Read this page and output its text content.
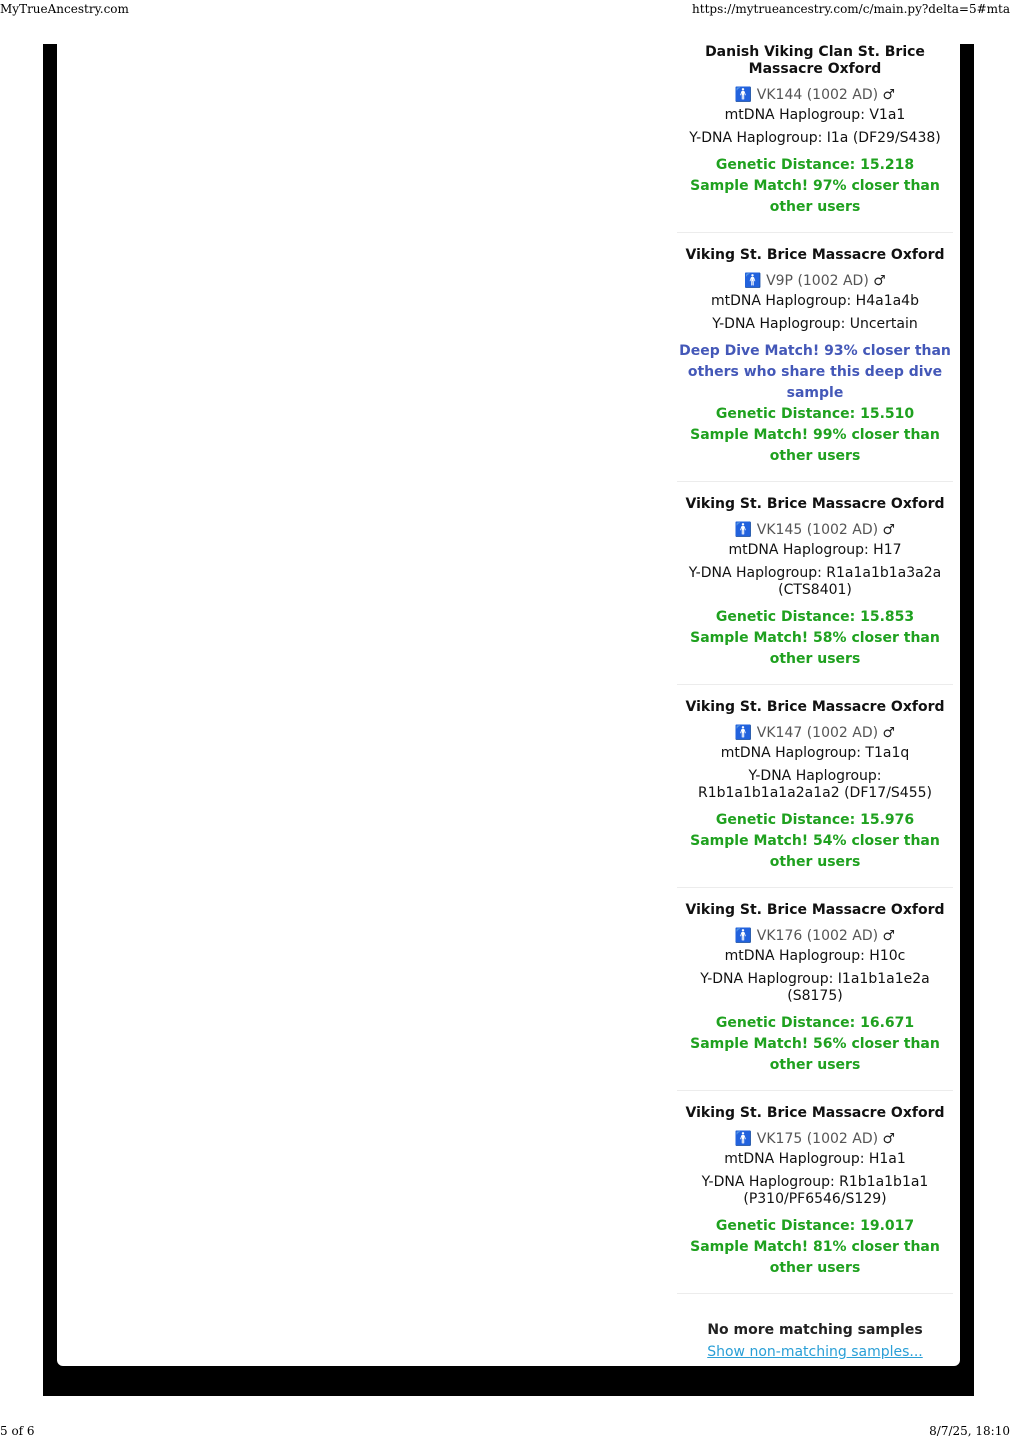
MyTrueAncestry.com	https://mytrueancestry.com/c/main.py?delta=5#mta
Danish Viking Clan St. Brice Massacre Oxford
🚹 VK144 (1002 AD) ♂
mtDNA Haplogroup: V1a1
Y-DNA Haplogroup: I1a (DF29/S438)
Genetic Distance: 15.218
Sample Match! 97% closer than other users
Viking St. Brice Massacre Oxford
🚹 V9P (1002 AD) ♂
mtDNA Haplogroup: H4a1a4b
Y-DNA Haplogroup: Uncertain
Deep Dive Match! 93% closer than others who share this deep dive sample
Genetic Distance: 15.510
Sample Match! 99% closer than other users
Viking St. Brice Massacre Oxford
🚹 VK145 (1002 AD) ♂
mtDNA Haplogroup: H17
Y-DNA Haplogroup: R1a1a1b1a3a2a (CTS8401)
Genetic Distance: 15.853
Sample Match! 58% closer than other users
Viking St. Brice Massacre Oxford
🚹 VK147 (1002 AD) ♂
mtDNA Haplogroup: T1a1q
Y-DNA Haplogroup: R1b1a1b1a1a2a1a2 (DF17/S455)
Genetic Distance: 15.976
Sample Match! 54% closer than other users
Viking St. Brice Massacre Oxford
🚹 VK176 (1002 AD) ♂
mtDNA Haplogroup: H10c
Y-DNA Haplogroup: I1a1b1a1e2a (S8175)
Genetic Distance: 16.671
Sample Match! 56% closer than other users
Viking St. Brice Massacre Oxford
🚹 VK175 (1002 AD) ♂
mtDNA Haplogroup: H1a1
Y-DNA Haplogroup: R1b1a1b1a1 (P310/PF6546/S129)
Genetic Distance: 19.017
Sample Match! 81% closer than other users
No more matching samples
Show non-matching samples...
5 of 6	8/7/25, 18:10
